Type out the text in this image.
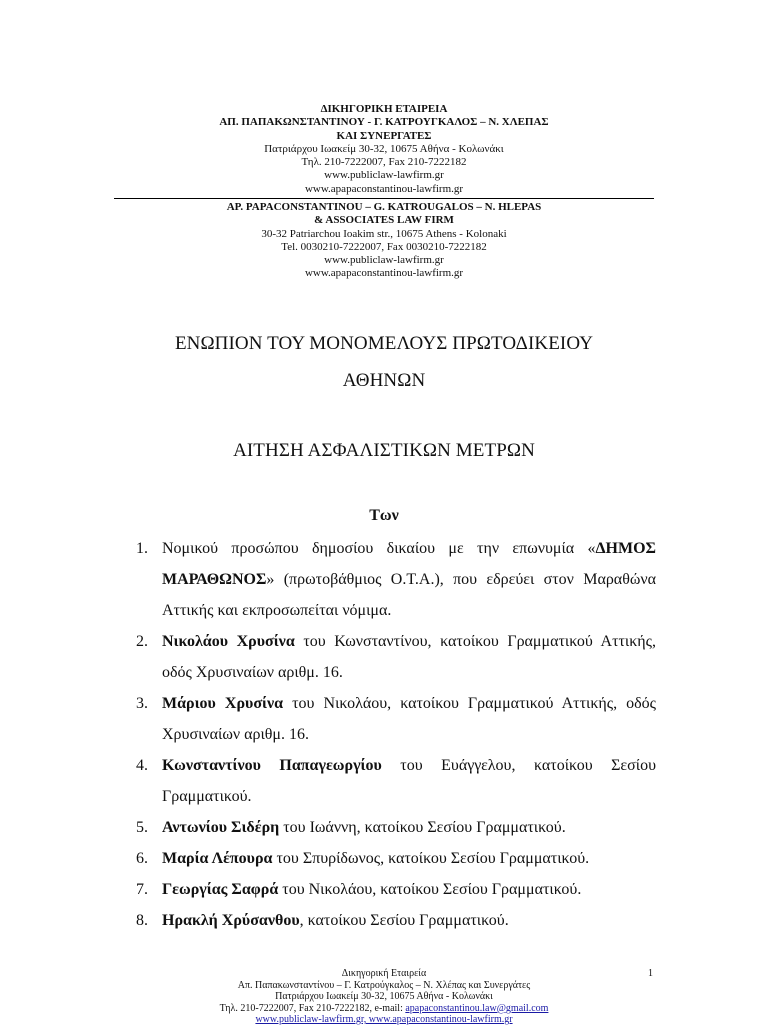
ΔΙΚΗΓΟΡΙΚΗ ΕΤΑΙΡΕΙΑ

ΑΠ. ΠΑΠΑΚΩΝΣΤΑΝΤΙΝΟΥ - Γ. ΚΑΤΡΟΥΓΚΑΛΟΣ – Ν. ΧΛΕΠΑΣ

ΚΑΙ ΣΥΝΕΡΓΑΤΕΣ

Πατριάρχου Ιωακείμ 30-32, 10675 Αθήνα - Κολωνάκι

Τηλ. 210-7222007, Fax 210-7222182

www.publiclaw-lawfirm.gr

www.apapaconstantinou-lawfirm.gr

AP. PAPACONSTANTINOU – G. KATROUGALOS – N. HLEPAS

& ASSOCIATES LAW FIRM

30-32 Patriarchou Ioakim str., 10675 Athens - Kolonaki

Tel. 0030210-7222007, Fax 0030210-7222182

www.publiclaw-lawfirm.gr

www.apapaconstantinou-lawfirm.gr

ΕΝΩΠΙΟΝ ΤΟΥ ΜΟΝΟΜΕΛΟΥΣ ΠΡΩΤΟΔΙΚΕΙΟΥ
ΑΘΗΝΩΝ
ΑΙΤΗΣΗ ΑΣΦΑΛΙΣΤΙΚΩΝ ΜΕΤΡΩΝ

Των

1. Νομικού προσώπου δημοσίου δικαίου με την επωνυμία «ΔΗΜΟΣ ΜΑΡΑΘΩΝΟΣ» (πρωτοβάθμιος Ο.Τ.Α.), που εδρεύει στον Μαραθώνα Αττικής και εκπροσωπείται νόμιμα.
2. Νικολάου Χρυσίνα του Κωνσταντίνου, κατοίκου Γραμματικού Αττικής, οδός Χρυσιναίων αριθμ. 16.
3. Μάριου Χρυσίνα του Νικολάου, κατοίκου Γραμματικού Αττικής, οδός Χρυσιναίων αριθμ. 16.
4. Κωνσταντίνου Παπαγεωργίου του Ευάγγελου, κατοίκου Σεσίου Γραμματικού.
5. Αντωνίου Σιδέρη του Ιωάννη, κατοίκου Σεσίου Γραμματικού.
6. Μαρία Λέπουρα του Σπυρίδωνος, κατοίκου Σεσίου Γραμματικού.
7. Γεωργίας Σαφρά του Νικολάου, κατοίκου Σεσίου Γραμματικού.
8. Ηρακλή Χρύσανθου, κατοίκου Σεσίου Γραμματικού.

Δικηγορική Εταιρεία

Απ. Παπακωνσταντίνου – Γ. Κατρούγκαλος – Ν. Χλέπας και Συνεργάτες

Πατριάρχου Ιωακείμ 30-32, 10675 Αθήνα - Κολωνάκι

Τηλ. 210-7222007, Fax 210-7222182, e-mail: apapaconstantinou.law@gmail.com

www.publiclaw-lawfirm.gr, www.apapaconstantinou-lawfirm.gr

1
